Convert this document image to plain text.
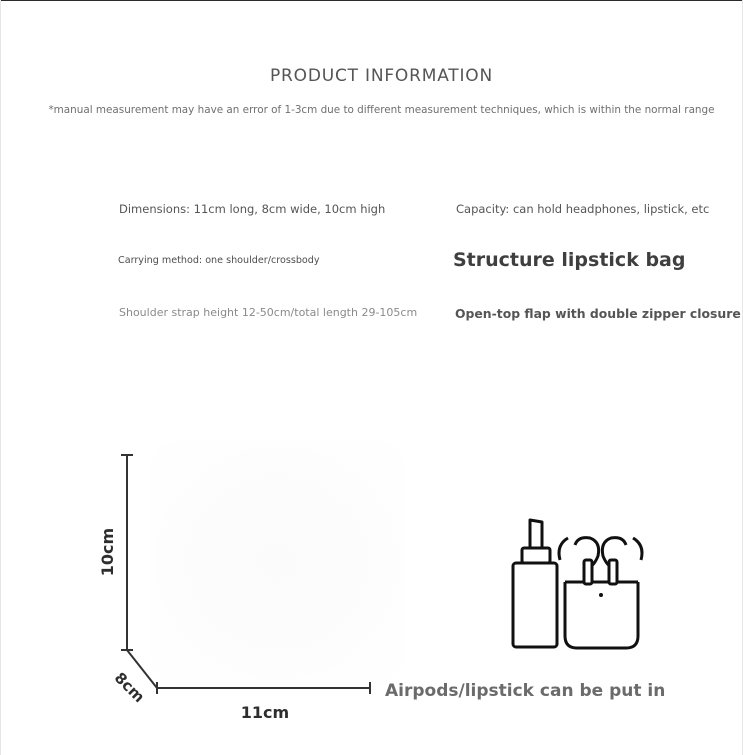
PRODUCT INFORMATION
*manual measurement may have an error of 1-3cm due to different measurement techniques, which is within the normal range
Dimensions: 11cm long, 8cm wide, 10cm high	Capacity: can hold headphones, lipstick, etc
Carrying method: one shoulder/crossbody	Structure lipstick bag
Shoulder strap height 12-50cm/total length 29-105cm	Open-top flap with double zipper closure
10cm
8cm
11cm
Airpods/lipstick can be put in
